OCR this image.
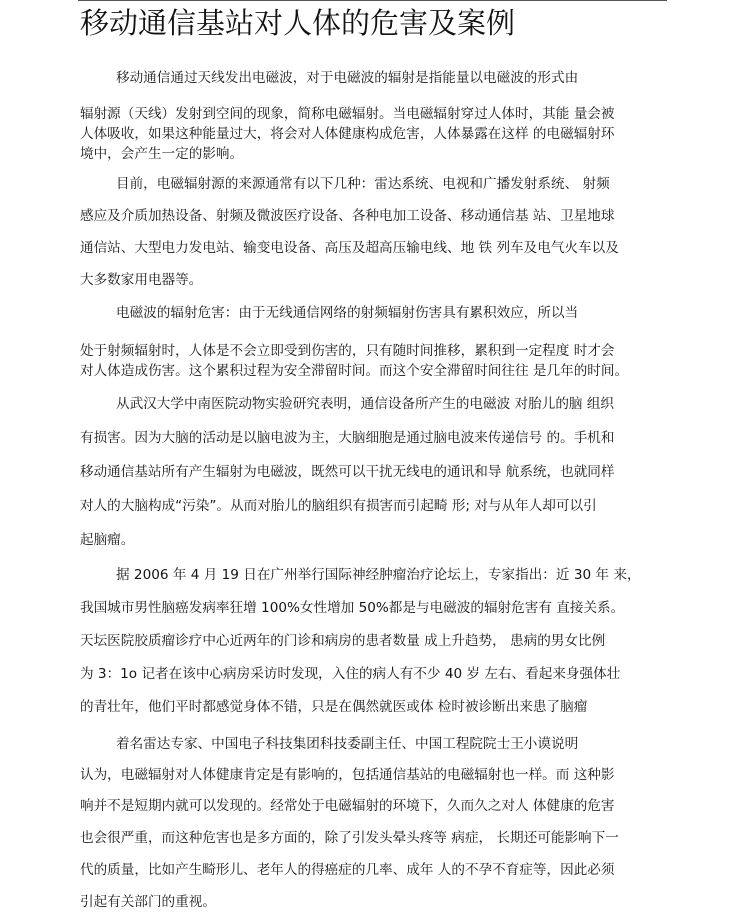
移动通信基站对人体的危害及案例

移动通信通过天线发出电磁波，对于电磁波的辐射是指能量以电磁波的形式由

辐射源（天线）发射到空间的现象，简称电磁辐射。当电磁辐射穿过人体时，其能 量会被

人体吸收，如果这种能量过大，将会对人体健康构成危害，人体暴露在这样 的电磁辐射环

境中，会产生一定的影响。

目前，电磁辐射源的来源通常有以下几种：雷达系统、电视和广播发射系统、 射频

感应及介质加热设备、射频及微波医疗设备、各种电加工设备、移动通信基 站、卫星地球

通信站、大型电力发电站、输变电设备、高压及超高压输电线、地 铁 列车及电气火车以及

大多数家用电器等。

电磁波的辐射危害：由于无线通信网络的射频辐射伤害具有累积效应，所以当

处于射频辐射时，人体是不会立即受到伤害的，只有随时间推移，累积到一定程度 时才会

对人体造成伤害。这个累积过程为安全滞留时间。而这个安全滞留时间往往 是几年的时间。

从武汉大学中南医院动物实验研究表明，通信设备所产生的电磁波 对胎儿的脑 组织

有损害。因为大脑的活动是以脑电波为主，大脑细胞是通过脑电波来传递信号 的。手机和

移动通信基站所有产生辐射为电磁波，既然可以干扰无线电的通讯和导 航系统，也就同样

对人的大脑构成“污染”。从而对胎儿的脑组织有损害而引起畸 形; 对与从年人却可以引

起脑瘤。

据 2006 年 4 月 19 日在广州举行国际神经肿瘤治疗论坛上，专家指出：近 30 年 来，

我国城市男性脑癌发病率狂增 100%女性增加 50%都是与电磁波的辐射危害有 直接关系。

天坛医院胶质瘤诊疗中心近两年的门诊和病房的患者数量 成上升趋势， 患病的男女比例

为 3：1o 记者在该中心病房采访时发现，入住的病人有不少 40 岁 左右、看起来身强体壮

的青壮年，他们平时都感觉身体不错，只是在偶然就医或体 检时被诊断出来患了脑瘤

着名雷达专家、中国电子科技集团科技委副主任、中国工程院院士王小谟说明

认为，电磁辐射对人体健康肯定是有影响的，包括通信基站的电磁辐射也一样。而 这种影

响并不是短期内就可以发现的。经常处于电磁辐射的环境下，久而久之对人 体健康的危害

也会很严重，而这种危害也是多方面的，除了引发头晕头疼等 病症， 长期还可能影响下一

代的质量，比如产生畸形儿、老年人的得癌症的几率、成年 人的不孕不育症等，因此必须

引起有关部门的重视。
